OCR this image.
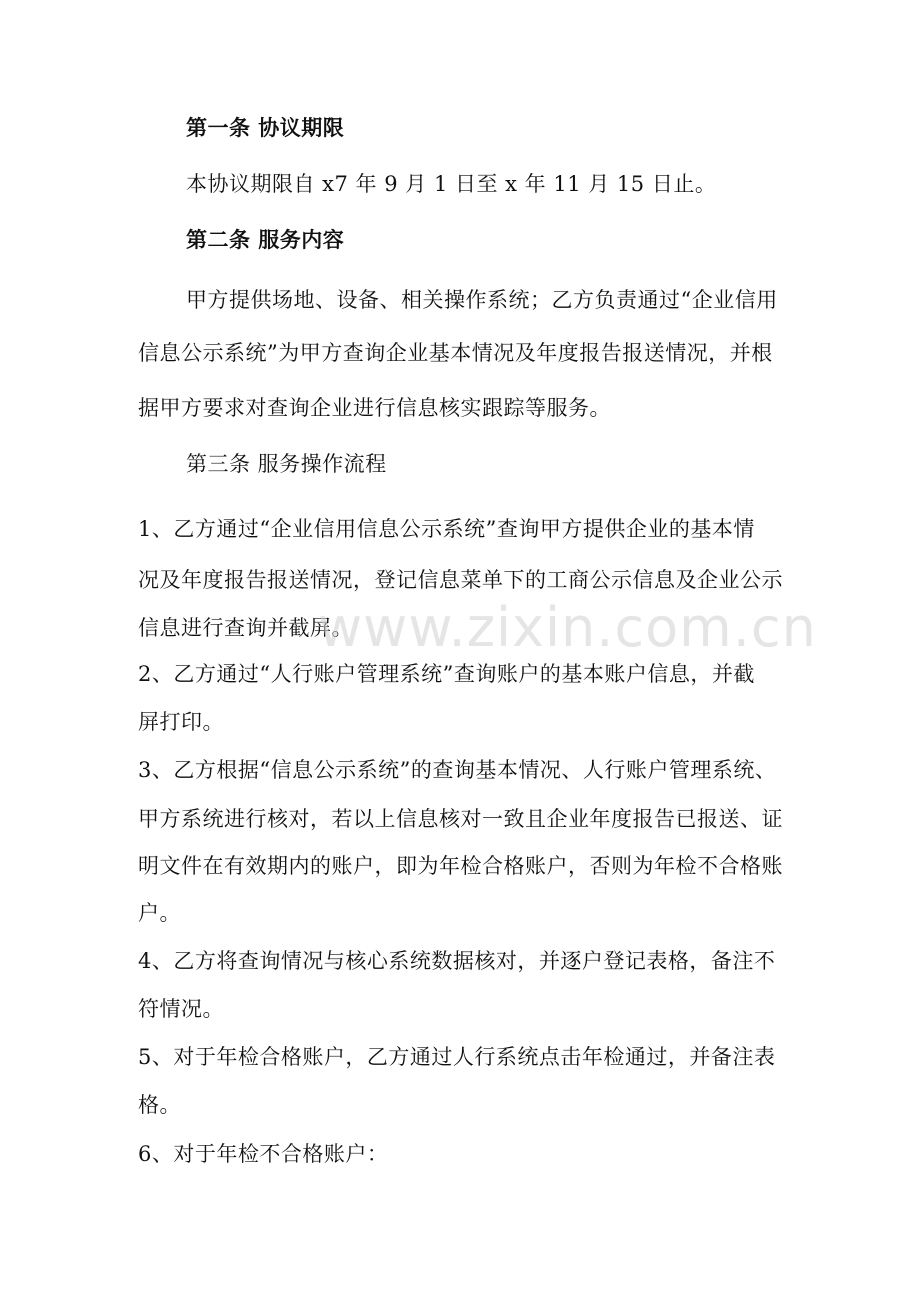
第一条 协议期限
本协议期限自 x7 年 9 月 1 日至 x 年 11 月 15 日止。
第二条 服务内容
甲方提供场地、设备、相关操作系统；乙方负责通过“企业信用
信息公示系统”为甲方查询企业基本情况及年度报告报送情况，并根
据甲方要求对查询企业进行信息核实跟踪等服务。
第三条 服务操作流程
1、乙方通过“企业信用信息公示系统”查询甲方提供企业的基本情
况及年度报告报送情况，登记信息菜单下的工商公示信息及企业公示
信息进行查询并截屏。
2、乙方通过“人行账户管理系统”查询账户的基本账户信息，并截
屏打印。
3、乙方根据“信息公示系统”的查询基本情况、人行账户管理系统、
甲方系统进行核对，若以上信息核对一致且企业年度报告已报送、证
明文件在有效期内的账户，即为年检合格账户，否则为年检不合格账
户。
4、乙方将查询情况与核心系统数据核对，并逐户登记表格，备注不
符情况。
5、对于年检合格账户，乙方通过人行系统点击年检通过，并备注表
格。
6、对于年检不合格账户：
www.zixin.com.cn
